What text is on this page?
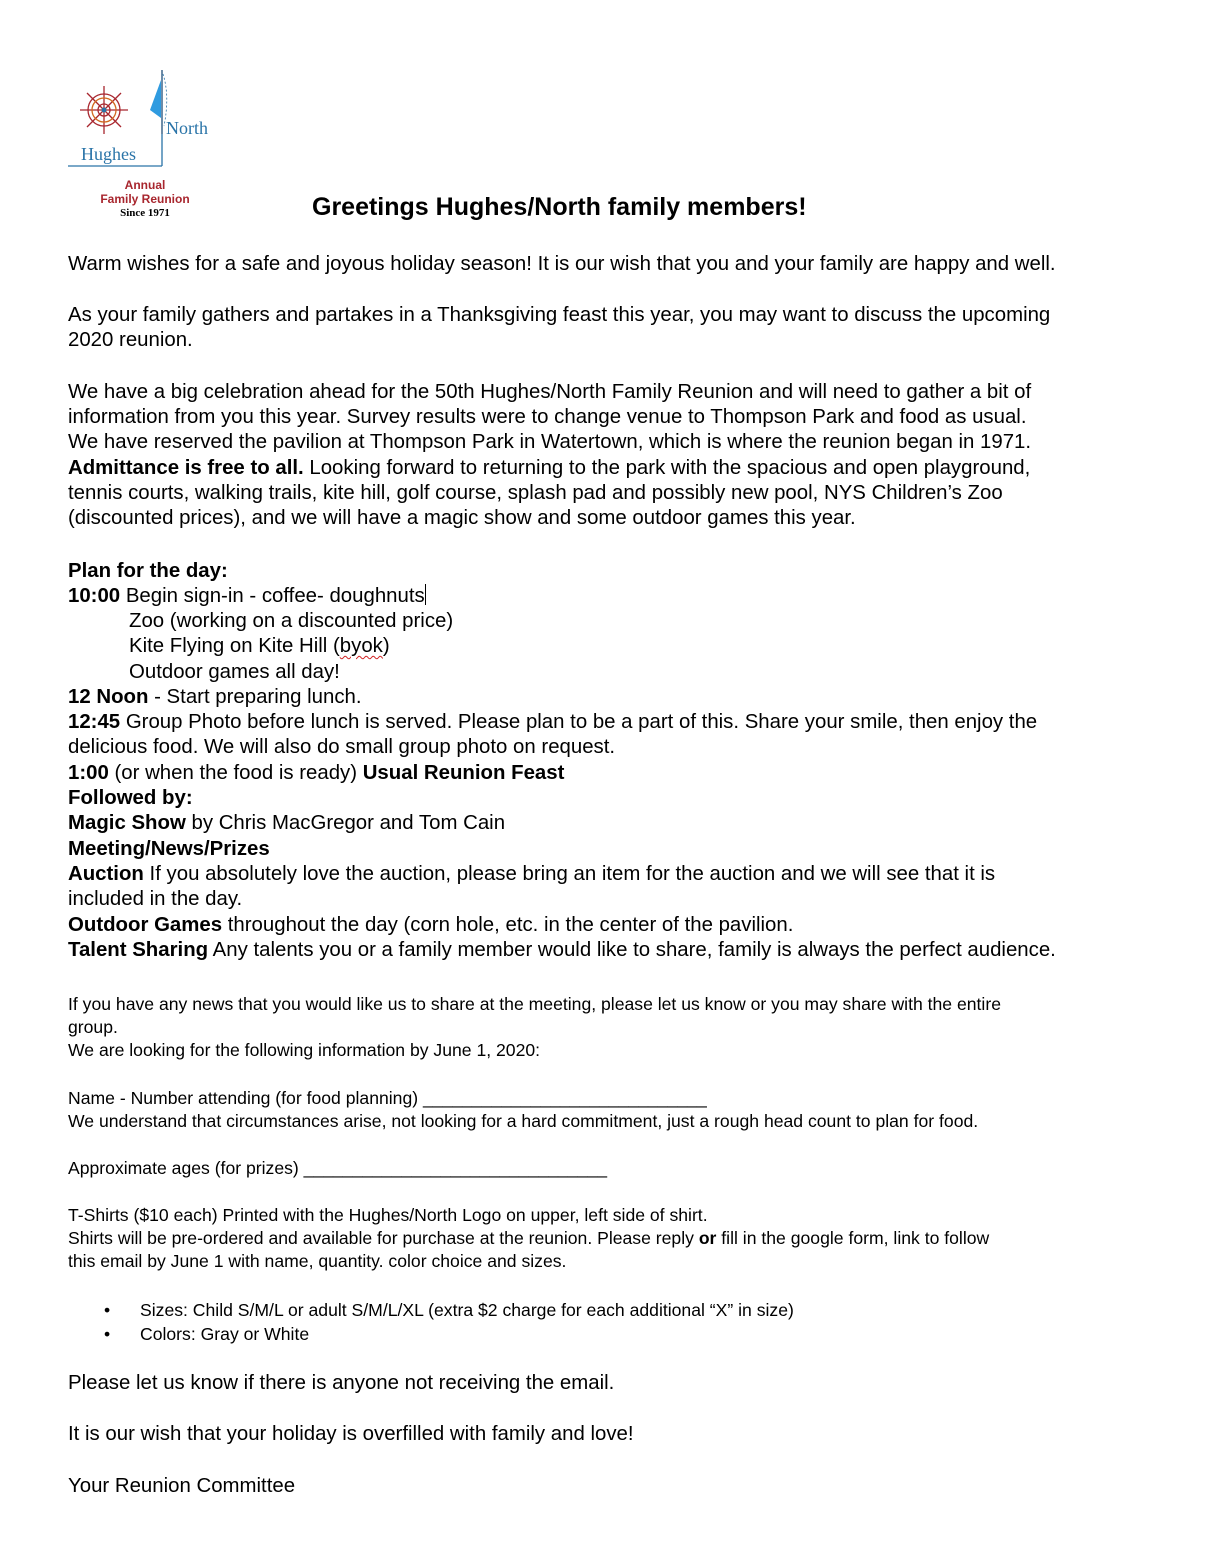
North
Hughes
Annual
Family Reunion
Since 1971	Greetings Hughes/North family members!

Warm wishes for a safe and joyous holiday season! It is our wish that you and your family are happy and well.

As your family gathers and partakes in a Thanksgiving feast this year, you may want to discuss the upcoming

2020 reunion.

We have a big celebration ahead for the 50th Hughes/North Family Reunion and will need to gather a bit of

information from you this year. Survey results were to change venue to Thompson Park and food as usual.

We have reserved the pavilion at Thompson Park in Watertown, which is where the reunion began in 1971.

Admittance is free to all. Looking forward to returning to the park with the spacious and open playground,

tennis courts, walking trails, kite hill, golf course, splash pad and possibly new pool, NYS Children’s Zoo

(discounted prices), and we will have a magic show and some outdoor games this year.

Plan for the day:

10:00 Begin sign-in - coffee- doughnuts

Zoo (working on a discounted price)

Kite Flying on Kite Hill (byok)

Outdoor games all day!

12 Noon - Start preparing lunch.

12:45 Group Photo before lunch is served. Please plan to be a part of this. Share your smile, then enjoy the

delicious food. We will also do small group photo on request.

1:00 (or when the food is ready) Usual Reunion Feast

Followed by:

Magic Show by Chris MacGregor and Tom Cain

Meeting/News/Prizes

Auction If you absolutely love the auction, please bring an item for the auction and we will see that it is

included in the day.

Outdoor Games throughout the day (corn hole, etc. in the center of the pavilion.

Talent Sharing Any talents you or a family member would like to share, family is always the perfect audience.

If you have any news that you would like us to share at the meeting, please let us know or you may share with the entire

group.

We are looking for the following information by June 1, 2020:

Name - Number attending (for food planning) _____________________________

We understand that circumstances arise, not looking for a hard commitment, just a rough head count to plan for food.

Approximate ages (for prizes) _______________________________

T-Shirts ($10 each) Printed with the Hughes/North Logo on upper, left side of shirt.

Shirts will be pre-ordered and available for purchase at the reunion. Please reply or fill in the google form, link to follow

this email by June 1 with name, quantity. color choice and sizes.

• Sizes: Child S/M/L or adult S/M/L/XL (extra $2 charge for each additional “X” in size)
• Colors: Gray or White

Please let us know if there is anyone not receiving the email.

It is our wish that your holiday is overfilled with family and love!

Your Reunion Committee
